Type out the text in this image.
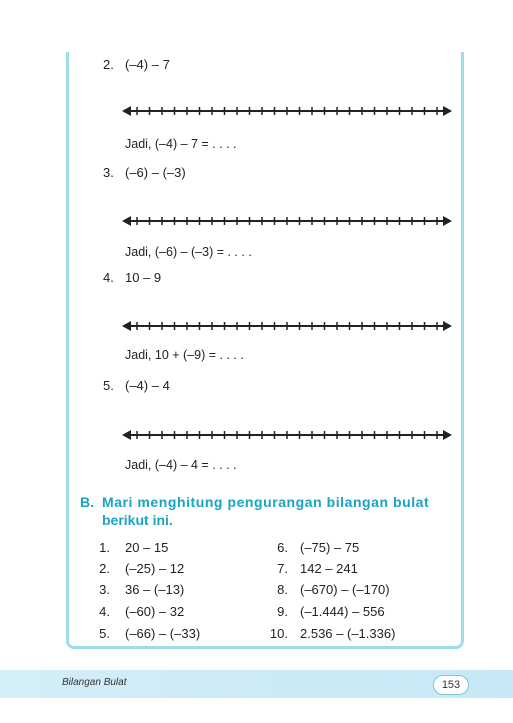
2. (–4) – 7
Jadi, (–4) – 7 = . . . .
3. (–6) – (–3)
Jadi, (–6) – (–3) = . . . .
4. 10 – 9
Jadi, 10 + (–9) = . . . .
5. (–4) – 4
Jadi, (–4) – 4 = . . . .
B. Mari menghitung pengurangan bilangan bulat
berikut ini.
1. 20 – 15
2. (–25) – 12
3. 36 – (–13)
4. (–60) – 32
5. (–66) – (–33)
6. (–75) – 75
7. 142 – 241
8. (–670) – (–170)
9. (–1.444) – 556
10. 2.536 – (–1.336)
Bilangan Bulat	153
